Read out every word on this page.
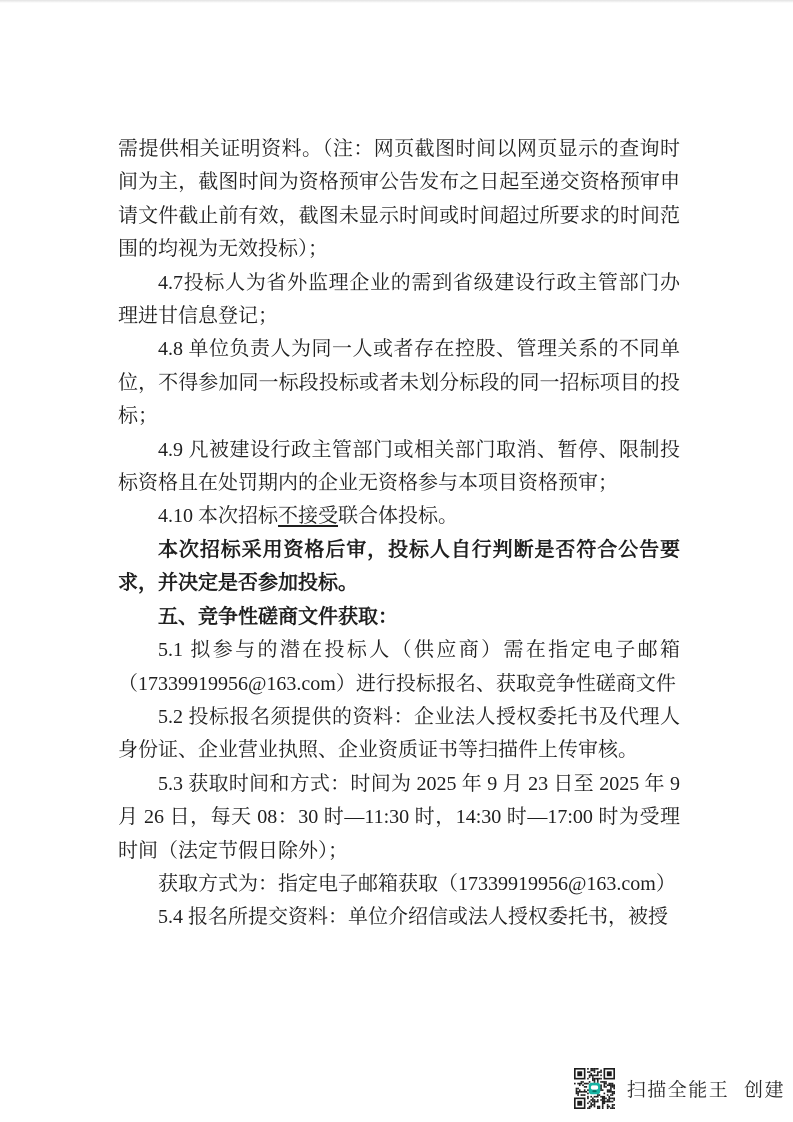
需提供相关证明资料。（注：网页截图时间以网页显示的查询时间为主，截图时间为资格预审公告发布之日起至递交资格预审申请文件截止前有效，截图未显示时间或时间超过所要求的时间范围的均视为无效投标）；

4.7投标人为省外监理企业的需到省级建设行政主管部门办理进甘信息登记；

4.8 单位负责人为同一人或者存在控股、管理关系的不同单位，不得参加同一标段投标或者未划分标段的同一招标项目的投标；

4.9 凡被建设行政主管部门或相关部门取消、暂停、限制投标资格且在处罚期内的企业无资格参与本项目资格预审；

4.10 本次招标不接受联合体投标。

本次招标采用资格后审，投标人自行判断是否符合公告要求，并决定是否参加投标。

五、竞争性磋商文件获取：

5.1 拟参与的潜在投标人（供应商）需在指定电子邮箱（17339919956@163.com）进行投标报名、获取竞争性磋商文件

5.2 投标报名须提供的资料：企业法人授权委托书及代理人身份证、企业营业执照、企业资质证书等扫描件上传审核。

5.3 获取时间和方式：时间为 2025 年 9 月 23 日至 2025 年 9 月 26 日，每天 08：30 时—11:30 时，14:30 时—17:00 时为受理时间（法定节假日除外）；

获取方式为：指定电子邮箱获取（17339919956@163.com）

5.4 报名所提交资料：单位介绍信或法人授权委托书，被授

扫描全能王 创建
